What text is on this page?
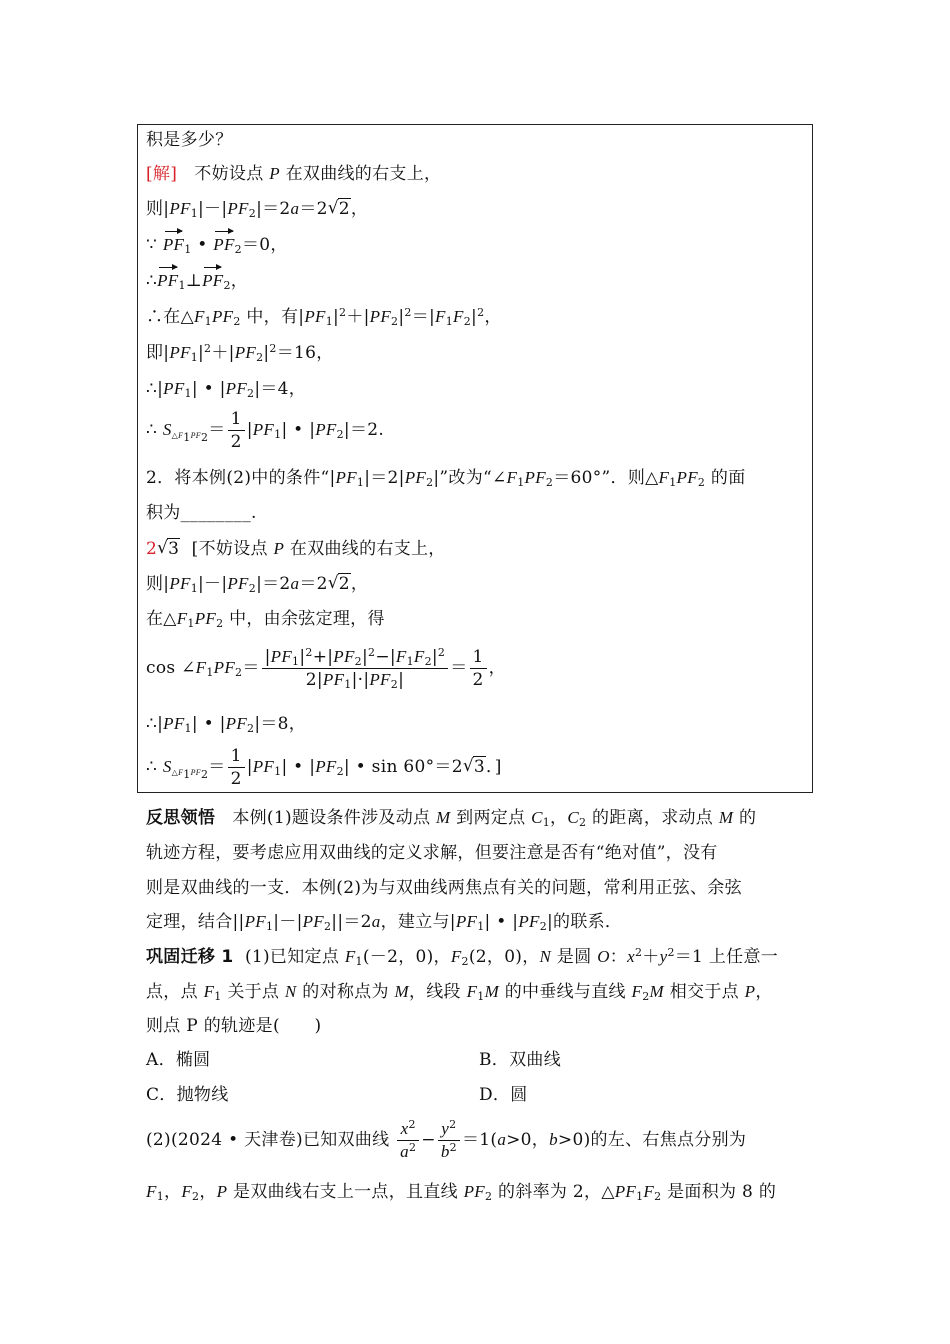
积是多少？
[解]   不妨设点 P 在双曲线的右支上，
则$|PF_1|-|PF_2|=2a=2√$ 2，
∵ $PF_1$ • $PF_2=0$，
$\therefore PF_1\perp PF_2$，
∴在$\triangle F_1PF_2$ 中，有$|PF_1|^2+|PF_2|^2=|F_1F_2|^2$，
即$|PF_1|^2+|PF_2|^2=16$，
$\therefore|PF_1|$ • $|PF_2|=4$，
∴ $S_{\triangle F_1PF_2}= \frac{1}{2} |PF_1|$ • $|PF_2|=2$.
2．将本例(2)中的条件“$|PF_1|=2|PF_2|$”改为“$\angle F_1PF_2=60^\circ$”．则$\triangle F_1PF_2$ 的面
积为________.
2√ 3  [不妨设点 P 在双曲线的右支上，
则$|PF_1|-|PF_2|=2a=2√$ 2，
在$\triangle F_1PF_2$ 中，由余弦定理，得
$\cos \angle F_1PF_2= \frac{|PF_1|^2+|PF_2|^2-|F_1F_2|^2}{2|PF_1|\cdot|PF_2|} = \frac{1}{2}$ ，
$\therefore|PF_1|$ • $|PF_2|=8$，
∴ $S_{\triangle F_1PF_2}= \frac{1}{2} |PF_1|$ • $|PF_2|$ • sin 60°＝2√ 3．]
反思领悟   本例(1)题设条件涉及动点 M 到两定点 $C_1$，$C_2$ 的距离，求动点 M 的
轨迹方程，要考虑应用双曲线的定义求解，但要注意是否有“绝对值”，没有
则是双曲线的一支．本例(2)为与双曲线两焦点有关的问题，常利用正弦、余弦
定理，结合$||PF_1|-|PF_2||=2a$，建立与$|PF_1|$ • $|PF_2|$的联系．
巩固迁移 1  (1)已知定点 $F_1(-2$，0)，$F_2(2$，0)，N 是圆 O：$x^2+y^2=1$ 上任意一
点，点 $F_1$ 关于点 N 的对称点为 M，线段 $F_1M$ 的中垂线与直线 $F_2M$ 相交于点 P，
则点 P 的轨迹是(　　)
A．椭圆	B．双曲线
C．抛物线	D．圆
(2)(2024 • 天津卷)已知双曲线 $\frac{x^2}{a^2} - \frac{y^2}{b^2} =1(a>0$，b>0)的左、右焦点分别为
$F_1$，$F_2$，P 是双曲线右支上一点，且直线 $PF_2$ 的斜率为 2，$\triangle PF_1F_2$ 是面积为 8 的
